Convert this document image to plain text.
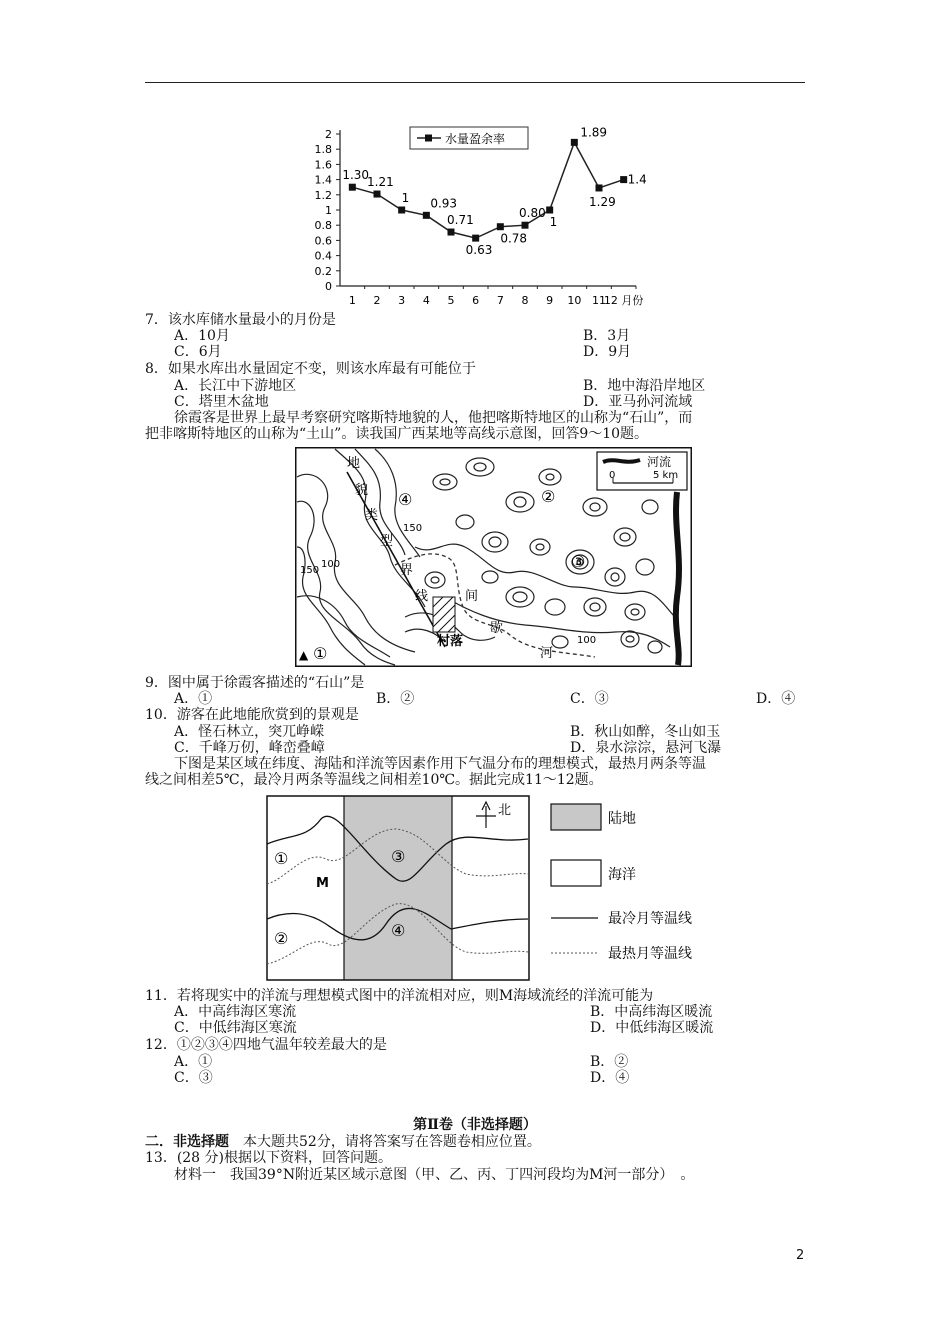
2
1.8
1.6
1.4
1.2
1
0.8
0.6
0.4
0.2
0
1 2 3 4 5 6 7 8 9 10 11
12 月份
1.30
1.21
1 0.93
0.71
0.63
0.78
0.80
1
1.89
1.29
1.4
水量盈余率
7．该水库储水量最小的月份是
A．10月	B．3月
C．6月	D．9月
8．如果水库出水量固定不变，则该水库最有可能位于
A．长江中下游地区	B．地中海沿岸地区
C．塔里木盆地	D．亚马孙河流域
徐霞客是世界上最早考察研究喀斯特地貌的人，他把喀斯特地区的山称为“石山”，而
把非喀斯特地区的山称为“土山”。读我国广西某地等高线示意图，回答9～10题。
河流
0	5 km
地
貌
类
型
界
线	间
歇
河
村落
150
150
100
100
④	②
③
▲ ①
9．图中属于徐霞客描述的“石山”是
A．①	B．②	C．③	D．④
10．游客在此地能欣赏到的景观是
A．怪石林立，突兀峥嵘	B．秋山如醉，冬山如玉
C．千峰万仞，峰峦叠嶂	D．泉水淙淙，悬河飞瀑
下图是某区域在纬度、海陆和洋流等因素作用下气温分布的理想模式，最热月两条等温
线之间相差5℃，最冷月两条等温线之间相差10℃。据此完成11～12题。
北
①
M
③
②	④
陆地
海洋
最冷月等温线
最热月等温线
11．若将现实中的洋流与理想模式图中的洋流相对应，则M海域流经的洋流可能为
A．中高纬海区寒流	B．中高纬海区暖流
C．中低纬海区寒流	D．中低纬海区暖流
12．①②③④四地气温年较差最大的是
A．①	B．②
C．③	D．④
第Ⅱ卷（非选择题）
二．非选择题　本大题共52分，请将答案写在答题卷相应位置。
13．(28 分)根据以下资料，回答问题。
材料一　我国39°N附近某区域示意图（甲、乙、丙、丁四河段均为M河一部分）　。
2
